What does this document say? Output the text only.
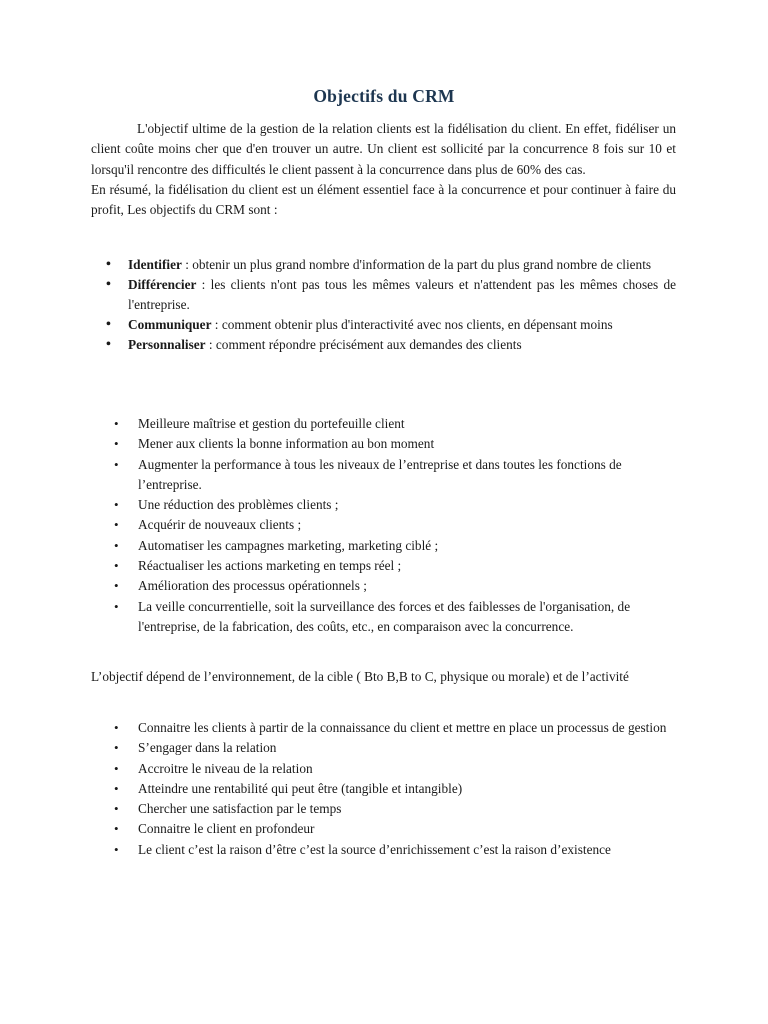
Objectifs du CRM

L'objectif ultime de la gestion de la relation clients est la fidélisation du client. En effet, fidéliser un client coûte moins cher que d'en trouver un autre. Un client est sollicité par la concurrence 8 fois sur 10 et lorsqu'il rencontre des difficultés le client passent à la concurrence dans plus de 60% des cas.

En résumé, la fidélisation du client est un élément essentiel face à la concurrence et pour continuer à faire du profit, Les objectifs du CRM sont :

• Identifier : obtenir un plus grand nombre d'information de la part du plus grand nombre de clients
• Différencier : les clients n'ont pas tous les mêmes valeurs et n'attendent pas les mêmes choses de l'entreprise.
• Communiquer : comment obtenir plus d'interactivité avec nos clients, en dépensant moins
• Personnaliser : comment répondre précisément aux demandes des clients
• Meilleure maîtrise et gestion du portefeuille client
• Mener aux clients la bonne information au bon moment
• Augmenter la performance à tous les niveaux de l’entreprise et dans toutes les fonctions de l’entreprise.
• Une réduction des problèmes clients ;
• Acquérir de nouveaux clients ;
• Automatiser les campagnes marketing, marketing ciblé ;
• Réactualiser les actions marketing en temps réel ;
• Amélioration des processus opérationnels ;
• La veille concurrentielle, soit la surveillance des forces et des faiblesses de l'organisation, de l'entreprise, de la fabrication, des coûts, etc., en comparaison avec la concurrence.

L’objectif dépend de l’environnement, de la cible ( Bto B,B to C, physique ou morale) et de l’activité

• Connaitre les clients à partir de la connaissance du client et mettre en place un processus de gestion
• S’engager dans la relation
• Accroitre le niveau de la relation
• Atteindre une rentabilité qui peut être (tangible et intangible)
• Chercher une satisfaction par le temps
• Connaitre le client en profondeur
• Le client c’est la raison d’être c’est la source d’enrichissement c’est la raison d’existence
